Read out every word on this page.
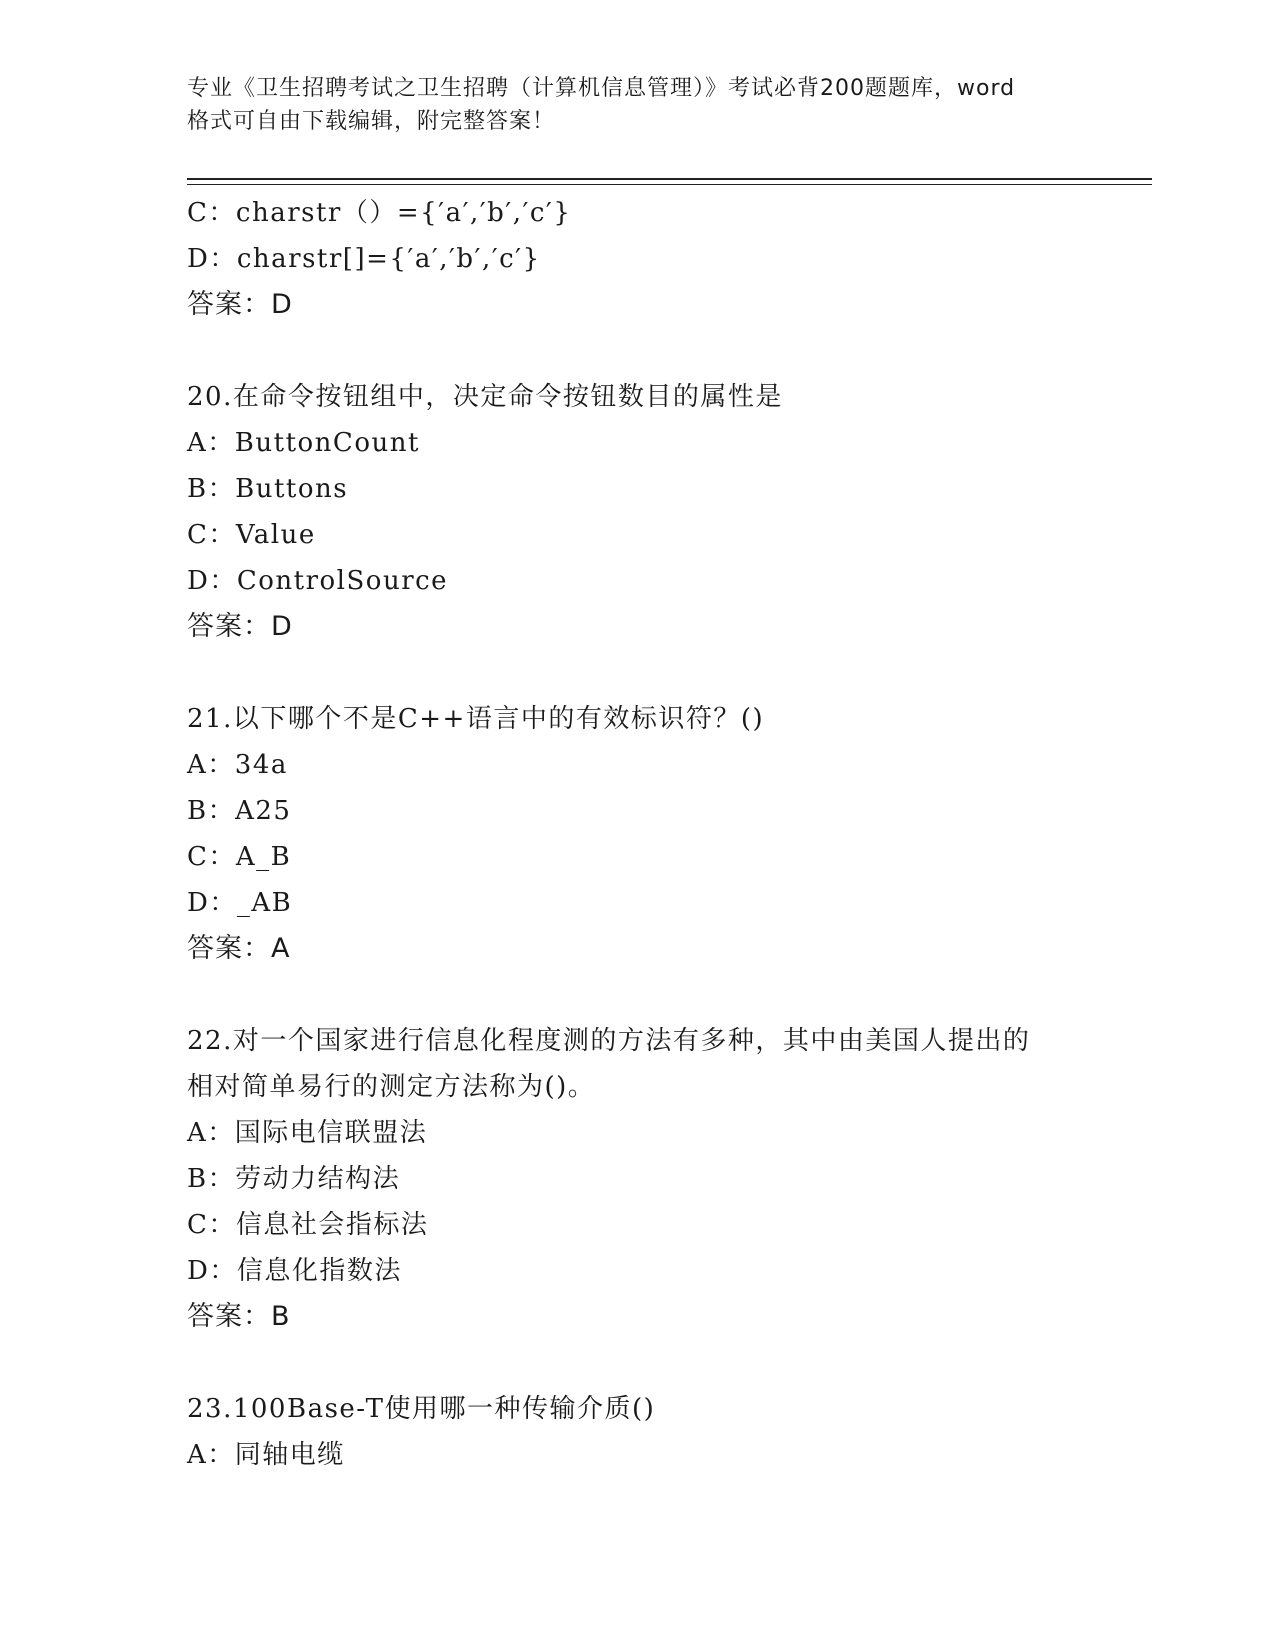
专业《卫生招聘考试之卫生招聘（计算机信息管理）》考试必背200题题库，word
格式可自由下载编辑，附完整答案！
C：charstr（）={′a′,′b′,′c′}
D：charstr[]={′a′,′b′,′c′}
答案：D
20.在命令按钮组中，决定命令按钮数目的属性是
A：ButtonCount
B：Buttons
C：Value
D：ControlSource
答案：D
21.以下哪个不是C++语言中的有效标识符？()
A：34a
B：A25
C：A_B
D：_AB
答案：A
22.对一个国家进行信息化程度测的方法有多种，其中由美国人提出的
相对简单易行的测定方法称为()。
A：国际电信联盟法
B：劳动力结构法
C：信息社会指标法
D：信息化指数法
答案：B
23.100Base-T使用哪一种传输介质()
A：同轴电缆
